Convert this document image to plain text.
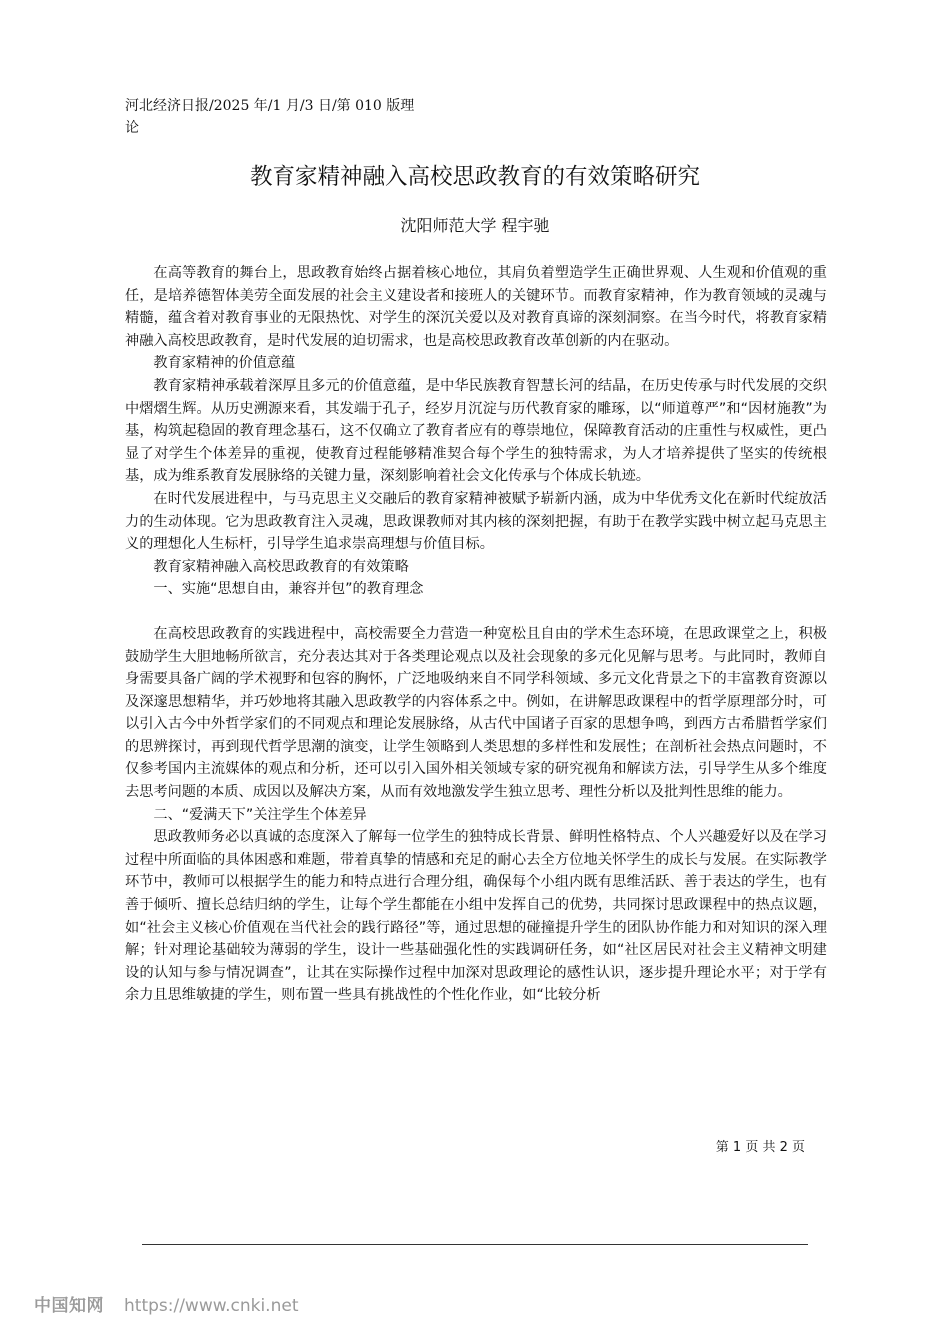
河北经济日报/2025 年/1 月/3 日/第 010 版理论
教育家精神融入高校思政教育的有效策略研究
沈阳师范大学 程宇驰

在高等教育的舞台上，思政教育始终占据着核心地位，其肩负着塑造学生正确世界观、人生观和价值观的重任，是培养德智体美劳全面发展的社会主义建设者和接班人的关键环节。而教育家精神，作为教育领域的灵魂与精髓，蕴含着对教育事业的无限热忱、对学生的深沉关爱以及对教育真谛的深刻洞察。在当今时代，将教育家精神融入高校思政教育，是时代发展的迫切需求，也是高校思政教育改革创新的内在驱动。

教育家精神的价值意蕴

教育家精神承载着深厚且多元的价值意蕴，是中华民族教育智慧长河的结晶，在历史传承与时代发展的交织中熠熠生辉。从历史溯源来看，其发端于孔子，经岁月沉淀与历代教育家的雕琢，以“师道尊严”和“因材施教”为基，构筑起稳固的教育理念基石，这不仅确立了教育者应有的尊崇地位，保障教育活动的庄重性与权威性，更凸显了对学生个体差异的重视，使教育过程能够精准契合每个学生的独特需求，为人才培养提供了坚实的传统根基，成为维系教育发展脉络的关键力量，深刻影响着社会文化传承与个体成长轨迹。

在时代发展进程中，与马克思主义交融后的教育家精神被赋予崭新内涵，成为中华优秀文化在新时代绽放活力的生动体现。它为思政教育注入灵魂，思政课教师对其内核的深刻把握，有助于在教学实践中树立起马克思主义的理想化人生标杆，引导学生追求崇高理想与价值目标。

教育家精神融入高校思政教育的有效策略

一、实施“思想自由，兼容并包”的教育理念

在高校思政教育的实践进程中，高校需要全力营造一种宽松且自由的学术生态环境，在思政课堂之上，积极鼓励学生大胆地畅所欲言，充分表达其对于各类理论观点以及社会现象的多元化见解与思考。与此同时，教师自身需要具备广阔的学术视野和包容的胸怀，广泛地吸纳来自不同学科领域、多元文化背景之下的丰富教育资源以及深邃思想精华，并巧妙地将其融入思政教学的内容体系之中。例如，在讲解思政课程中的哲学原理部分时，可以引入古今中外哲学家们的不同观点和理论发展脉络，从古代中国诸子百家的思想争鸣，到西方古希腊哲学家们的思辨探讨，再到现代哲学思潮的演变，让学生领略到人类思想的多样性和发展性；在剖析社会热点问题时，不仅参考国内主流媒体的观点和分析，还可以引入国外相关领域专家的研究视角和解读方法，引导学生从多个维度去思考问题的本质、成因以及解决方案，从而有效地激发学生独立思考、理性分析以及批判性思维的能力。

二、“爱满天下”关注学生个体差异

思政教师务必以真诚的态度深入了解每一位学生的独特成长背景、鲜明性格特点、个人兴趣爱好以及在学习过程中所面临的具体困惑和难题，带着真挚的情感和充足的耐心去全方位地关怀学生的成长与发展。在实际教学环节中，教师可以根据学生的能力和特点进行合理分组，确保每个小组内既有思维活跃、善于表达的学生，也有善于倾听、擅长总结归纳的学生，让每个学生都能在小组中发挥自己的优势，共同探讨思政课程中的热点议题，如“社会主义核心价值观在当代社会的践行路径”等，通过思想的碰撞提升学生的团队协作能力和对知识的深入理解；针对理论基础较为薄弱的学生，设计一些基础强化性的实践调研任务，如“社区居民对社会主义精神文明建设的认知与参与情况调查”，让其在实际操作过程中加深对思政理论的感性认识，逐步提升理论水平；对于学有余力且思维敏捷的学生，则布置一些具有挑战性的个性化作业，如“比较分析

第 1 页 共 2 页
中国知网 https://www.cnki.net
